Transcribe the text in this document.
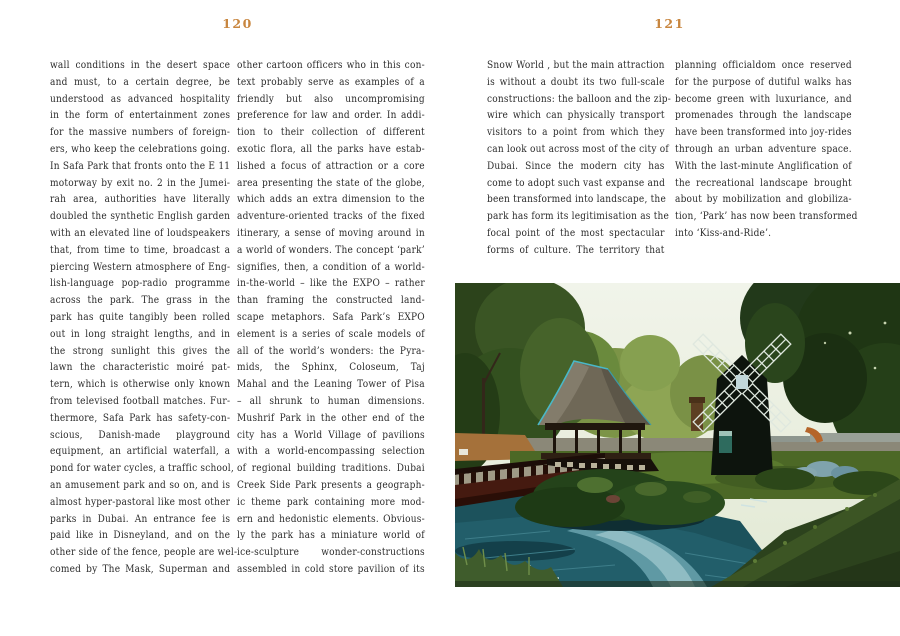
120	121
wall conditions in the desert space
and must, to a certain degree, be
understood as advanced hospitality
in the form of entertainment zones
for the massive numbers of foreign-
ers, who keep the celebrations going.
In Safa Park that fronts onto the E 11
motorway by exit no. 2 in the Jumei-
rah area, authorities have literally
doubled the synthetic English garden
with an elevated line of loudspeakers
that, from time to time, broadcast a
piercing Western atmosphere of Eng-
lish-language pop-radio programme
across the park. The grass in the
park has quite tangibly been rolled
out in long straight lengths, and in
the strong sunlight this gives the
lawn the characteristic moiré pat-
tern, which is otherwise only known
from televised football matches. Fur-
thermore, Safa Park has safety-con-
scious, Danish-made playground
equipment, an artificial waterfall, a
pond for water cycles, a traffic school,
an amusement park and so on, and is
almost hyper-pastoral like most other
parks in Dubai. An entrance fee is
paid like in Disneyland, and on the
other side of the fence, people are wel-
comed by The Mask, Superman and
other cartoon officers who in this con-
text probably serve as examples of a
friendly but also uncompromising
preference for law and order. In addi-
tion to their collection of different
exotic flora, all the parks have estab-
lished a focus of attraction or a core
area presenting the state of the globe,
which adds an extra dimension to the
adventure-oriented tracks of the fixed
itinerary, a sense of moving around in
a world of wonders. The concept ‘park’
signifies, then, a condition of a world-
in-the-world – like the EXPO – rather
than framing the constructed land-
scape metaphors. Safa Park’s EXPO
element is a series of scale models of
all of the world’s wonders: the Pyra-
mids, the Sphinx, Coloseum, Taj
Mahal and the Leaning Tower of Pisa
– all shrunk to human dimensions.
Mushrif Park in the other end of the
city has a World Village of pavilions
with a world-encompassing selection
of regional building traditions. Dubai
Creek Side Park presents a geograph-
ic theme park containing more mod-
ern and hedonistic elements. Obvious-
ly the park has a miniature world of
ice-sculpture wonder-constructions
assembled in cold store pavilion of its
Snow World , but the main attraction
is without a doubt its two full-scale
constructions: the balloon and the zip-
wire which can physically transport
visitors to a point from which they
can look out across most of the city of
Dubai. Since the modern city has
come to adopt such vast expanse and
been transformed into landscape, the
park has form its legitimisation as the
focal point of the most spectacular
forms of culture. The territory that
planning officialdom once reserved
for the purpose of dutiful walks has
become green with luxuriance, and
promenades through the landscape
have been transformed into joy-rides
through an urban adventure space.
With the last-minute Anglification of
the recreational landscape brought
about by mobilization and globiliza-
tion, ‘Park’ has now been transformed
into ‘Kiss-and-Ride’.
